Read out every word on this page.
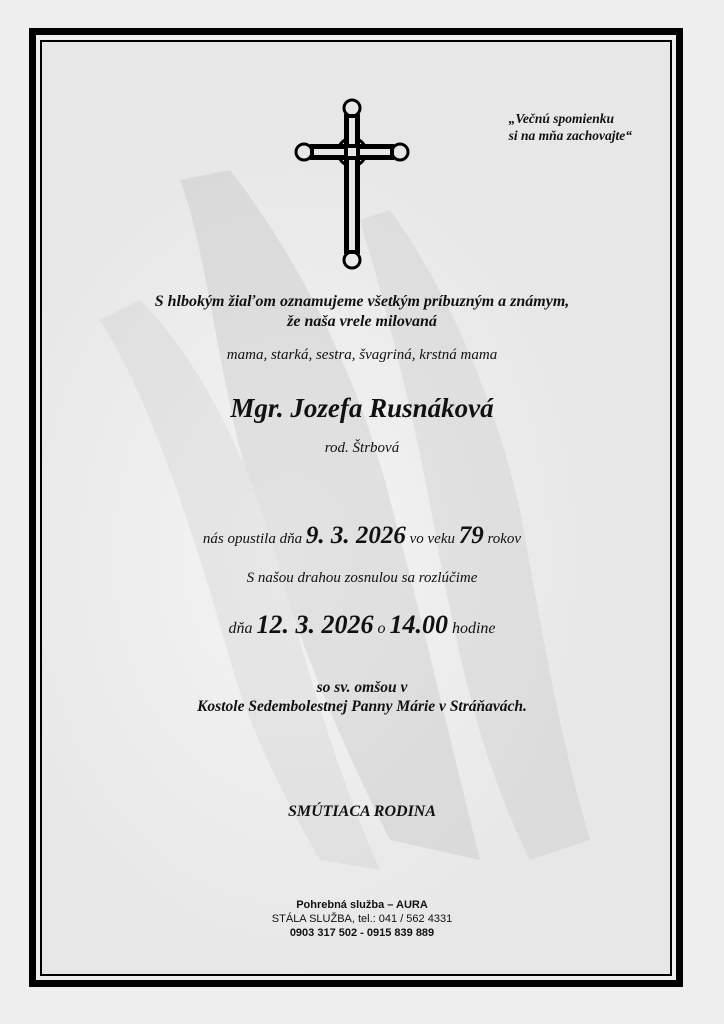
„Večnú spomienku
si na mňa zachovajte“
S hlbokým žiaľom oznamujeme všetkým príbuzným a známym,
že naša vrele milovaná
mama, starká, sestra, švagriná, krstná mama
Mgr. Jozefa Rusnáková
rod. Štrbová
nás opustila dňa 9. 3. 2026 vo veku 79 rokov
S našou drahou zosnulou sa rozlúčime
dňa 12. 3. 2026 o 14.00 hodine
so sv. omšou v
Kostole Sedembolestnej Panny Márie v Stráňavách.
SMÚTIACA RODINA
Pohrebná služba – AURA
STÁLA SLUŽBA, tel.: 041 / 562 4331
0903 317 502 - 0915 839 889
